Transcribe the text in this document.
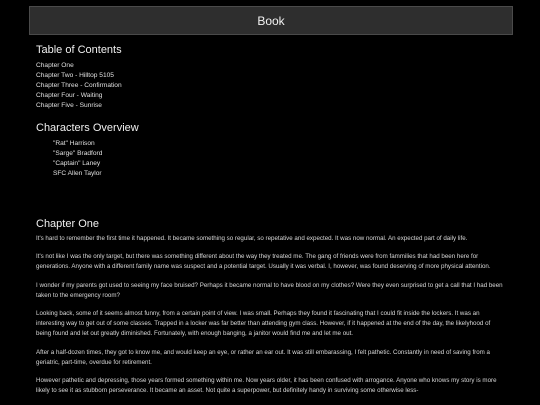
Book
Table of Contents
Chapter One
Chapter Two - Hilltop 5105
Chapter Three - Confirmation
Chapter Four - Waiting
Chapter Five - Sunrise
Characters Overview
"Rat" Harrison
"Sarge" Bradford
"Captain" Laney
SFC Allen Taylor
Chapter One

It's hard to remember the first time it happened. It became something so regular, so repetative and expected. It was now normal. An expected part of daily life.

It's not like I was the only target, but there was something different about the way they treated me. The gang of friends were from fammilies that had been here for generations. Anyone with a different family name was suspect and a potential target. Usually it was verbal. I, however, was found deserving of more physical attention.

I wonder if my parents got used to seeing my face bruised? Perhaps it became normal to have blood on my clothes? Were they even surprised to get a call that I had been taken to the emergency room?

Looking back, some of it seems almost funny, from a certain point of view. I was small. Perhaps they found it fascinating that I could fit inside the lockers. It was an interesting way to get out of some classes. Trapped in a locker was far better than attending gym class. However, if it happened at the end of the day, the likelyhood of being found and let out greatly diminished. Fortunately, with enough banging, a janitor would find me and let me out.

After a half-dozen times, they got to know me, and would keep an eye, or rather an ear out. It was still embarassing, I felt pathetic. Constantly in need of saving from a geriatric, part-time, overdue for retirement.

However pathetic and depressing, those years formed something within me. Now years older, it has been confused with arrogance. Anyone who knows my story is more likely to see it as stubborn perseverance. It became an asset. Not quite a superpower, but definitely handy in surviving some otherwise less-
